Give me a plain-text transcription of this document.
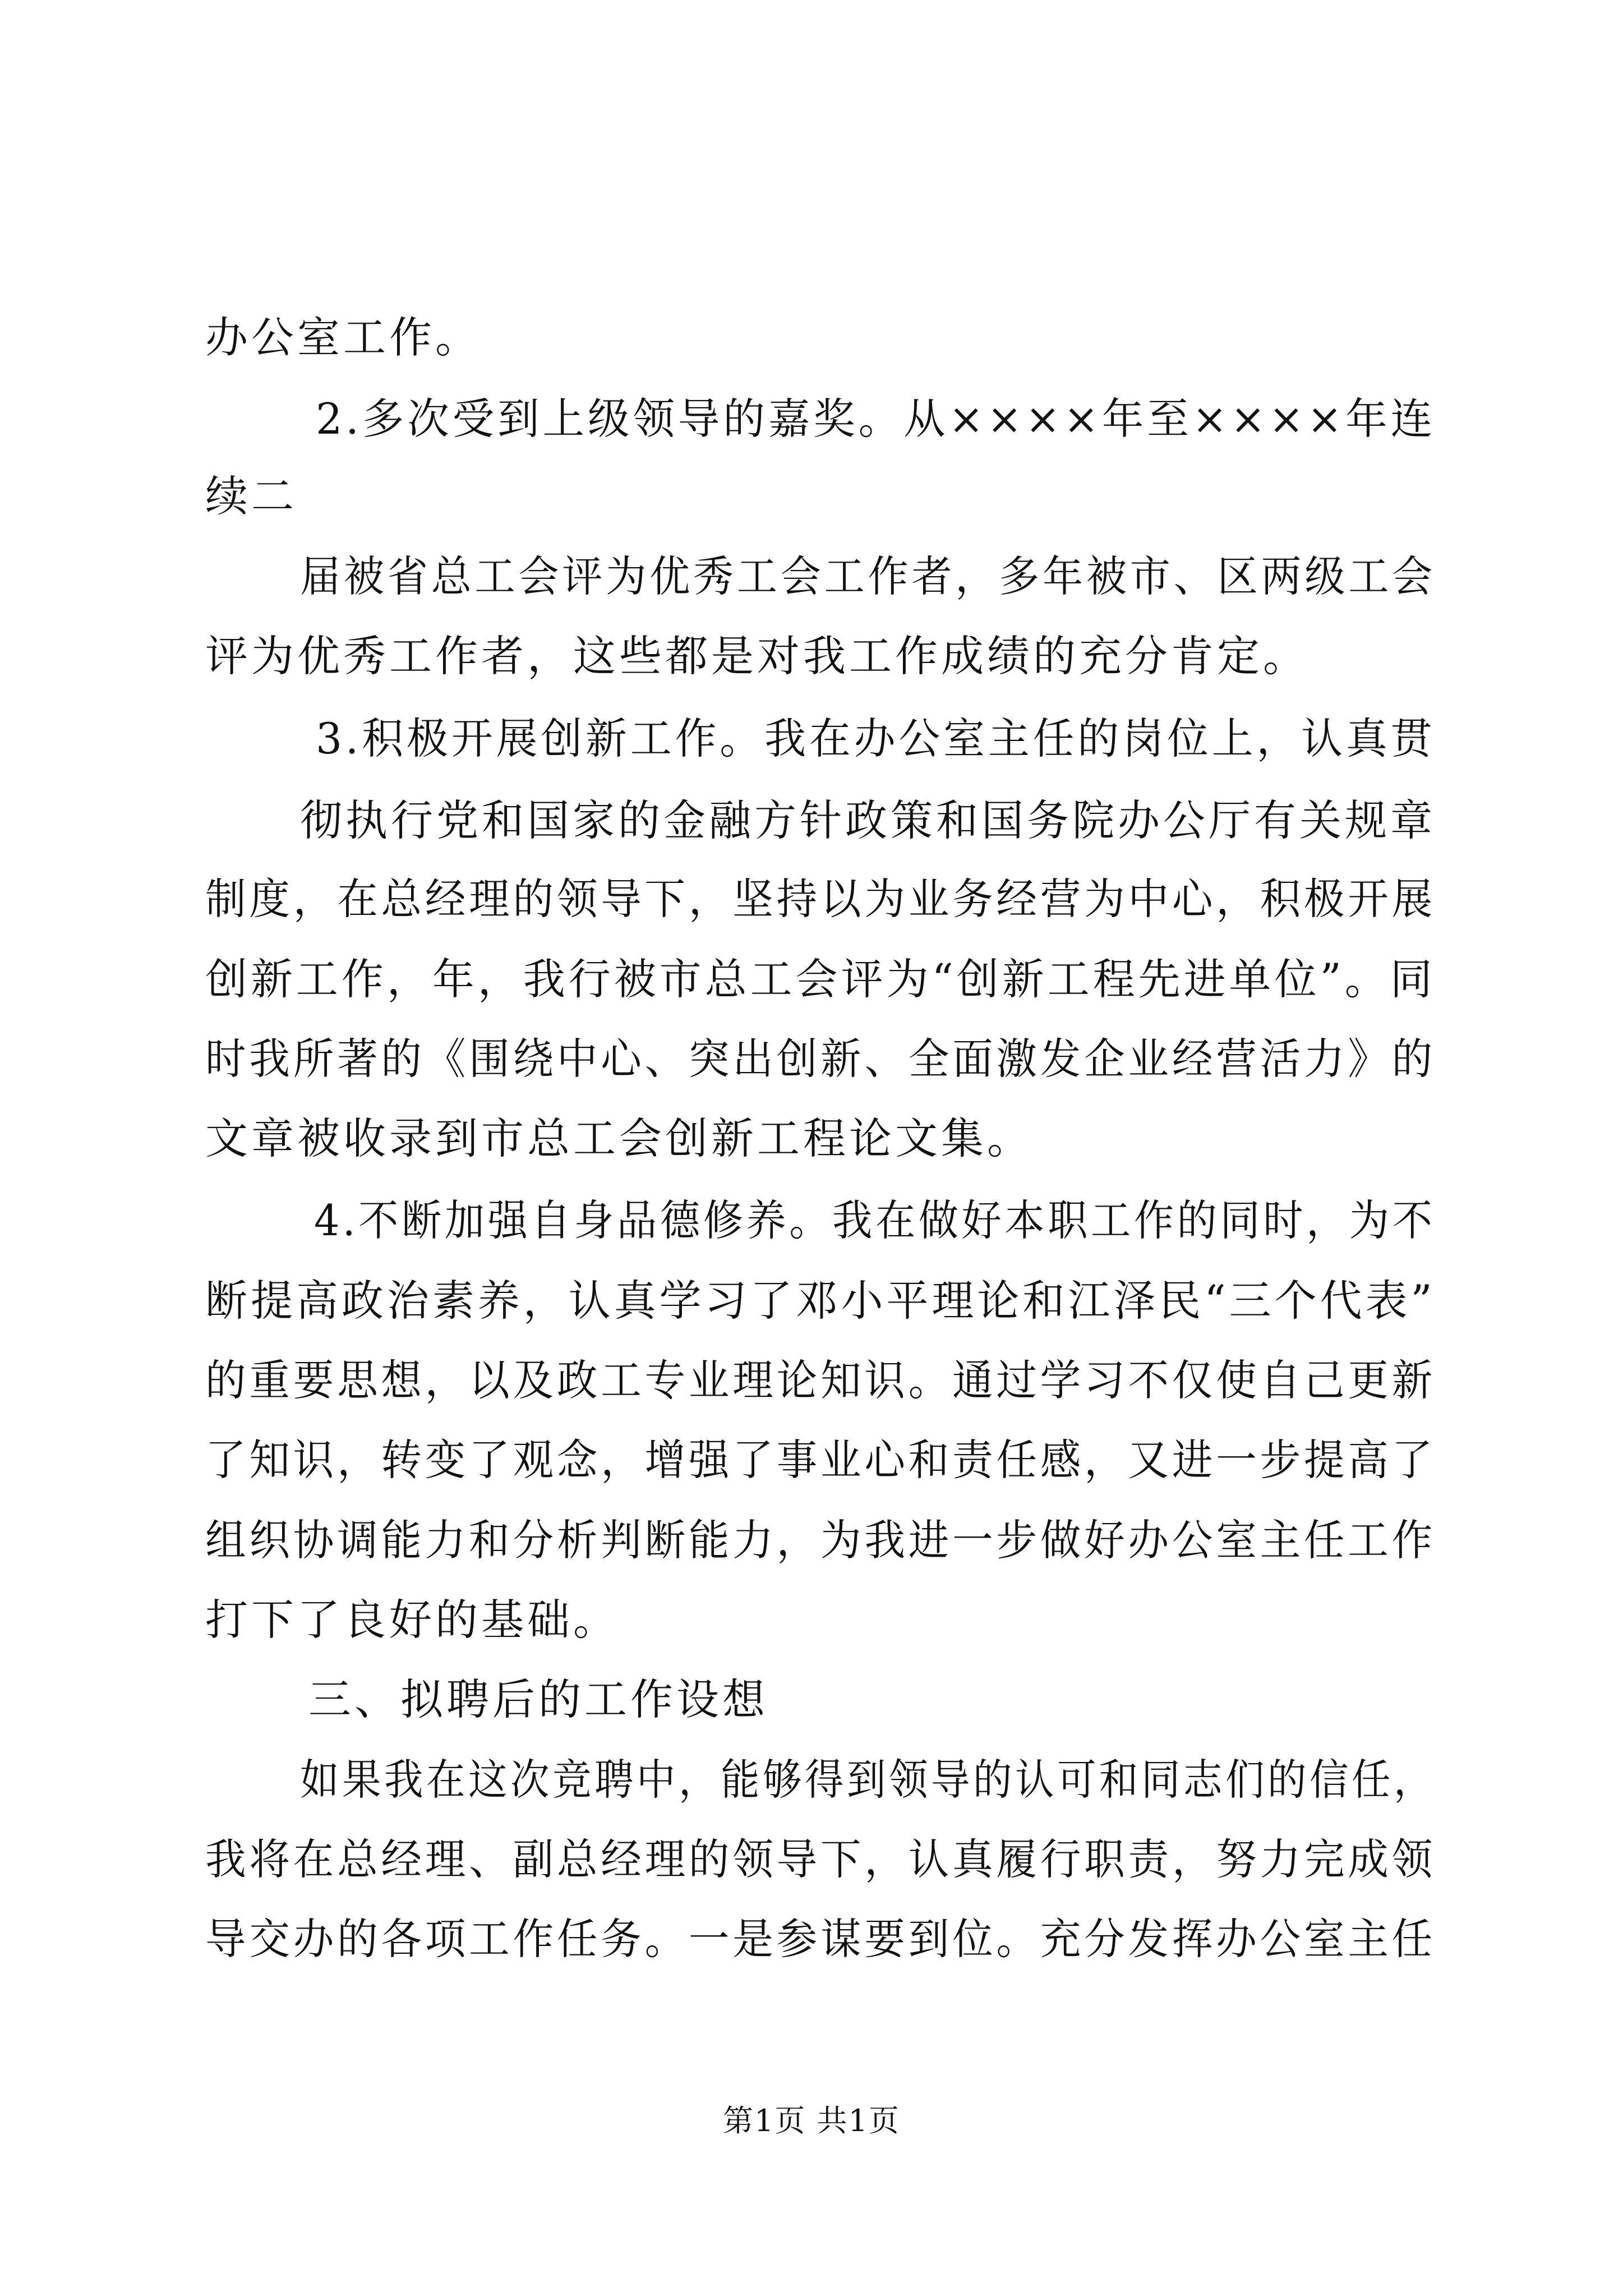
办公室工作。
2.多次受到上级领导的嘉奖。从××××年至××××年连
续二
届被省总工会评为优秀工会工作者，多年被市、区两级工会
评为优秀工作者，这些都是对我工作成绩的充分肯定。
3.积极开展创新工作。我在办公室主任的岗位上，认真贯
彻执行党和国家的金融方针政策和国务院办公厅有关规章
制度，在总经理的领导下，坚持以为业务经营为中心，积极开展
创新工作，年，我行被市总工会评为“创新工程先进单位”。同
时我所著的《围绕中心、突出创新、全面激发企业经营活力》的
文章被收录到市总工会创新工程论文集。
4.不断加强自身品德修养。我在做好本职工作的同时，为不
断提高政治素养，认真学习了邓小平理论和江泽民“三个代表”
的重要思想，以及政工专业理论知识。通过学习不仅使自己更新
了知识，转变了观念，增强了事业心和责任感，又进一步提高了
组织协调能力和分析判断能力，为我进一步做好办公室主任工作
打下了良好的基础。
三、拟聘后的工作设想
如果我在这次竞聘中，能够得到领导的认可和同志们的信任，
我将在总经理、副总经理的领导下，认真履行职责，努力完成领
导交办的各项工作任务。一是参谋要到位。充分发挥办公室主任
第1页 共1页
